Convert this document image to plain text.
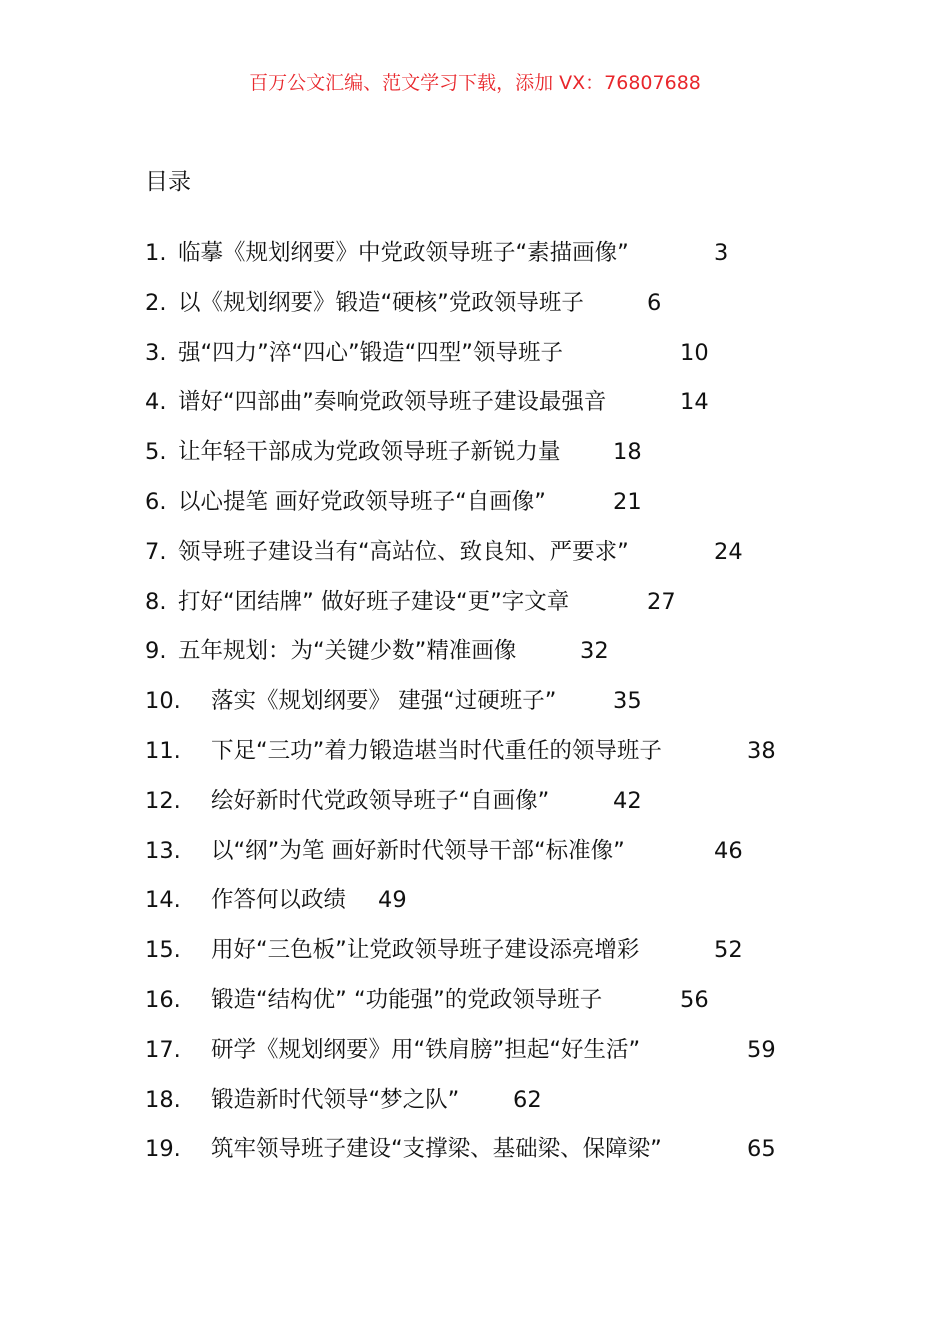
百万公文汇编、范文学习下载，添加 VX：76807688
目录
1. 临摹《规划纲要》中党政领导班子“素描画像”	3
2. 以《规划纲要》锻造“硬核”党政领导班子	6
3. 强“四力”淬“四心”锻造“四型”领导班子	10
4. 谱好“四部曲”奏响党政领导班子建设最强音	14
5. 让年轻干部成为党政领导班子新锐力量 18
6. 以心提笔 画好党政领导班子“自画像”	21
7. 领导班子建设当有“高站位、致良知、严要求”	24
8. 打好“团结牌” 做好班子建设“更”字文章	27
9. 五年规划：为“关键少数”精准画像	32
10. 落实《规划纲要》 建强“过硬班子”	35
11. 下足“三功”着力锻造堪当时代重任的领导班子	38
12. 绘好新时代党政领导班子“自画像”	42
13. 以“纲”为笔 画好新时代领导干部“标准像”	46
14. 作答何以政绩 49
15. 用好“三色板”让党政领导班子建设添亮增彩	52
16. 锻造“结构优” “功能强”的党政领导班子	56
17. 研学《规划纲要》用“铁肩膀”担起“好生活”	59
18. 锻造新时代领导“梦之队” 62
19. 筑牢领导班子建设“支撑梁、基础梁、保障梁”	65
